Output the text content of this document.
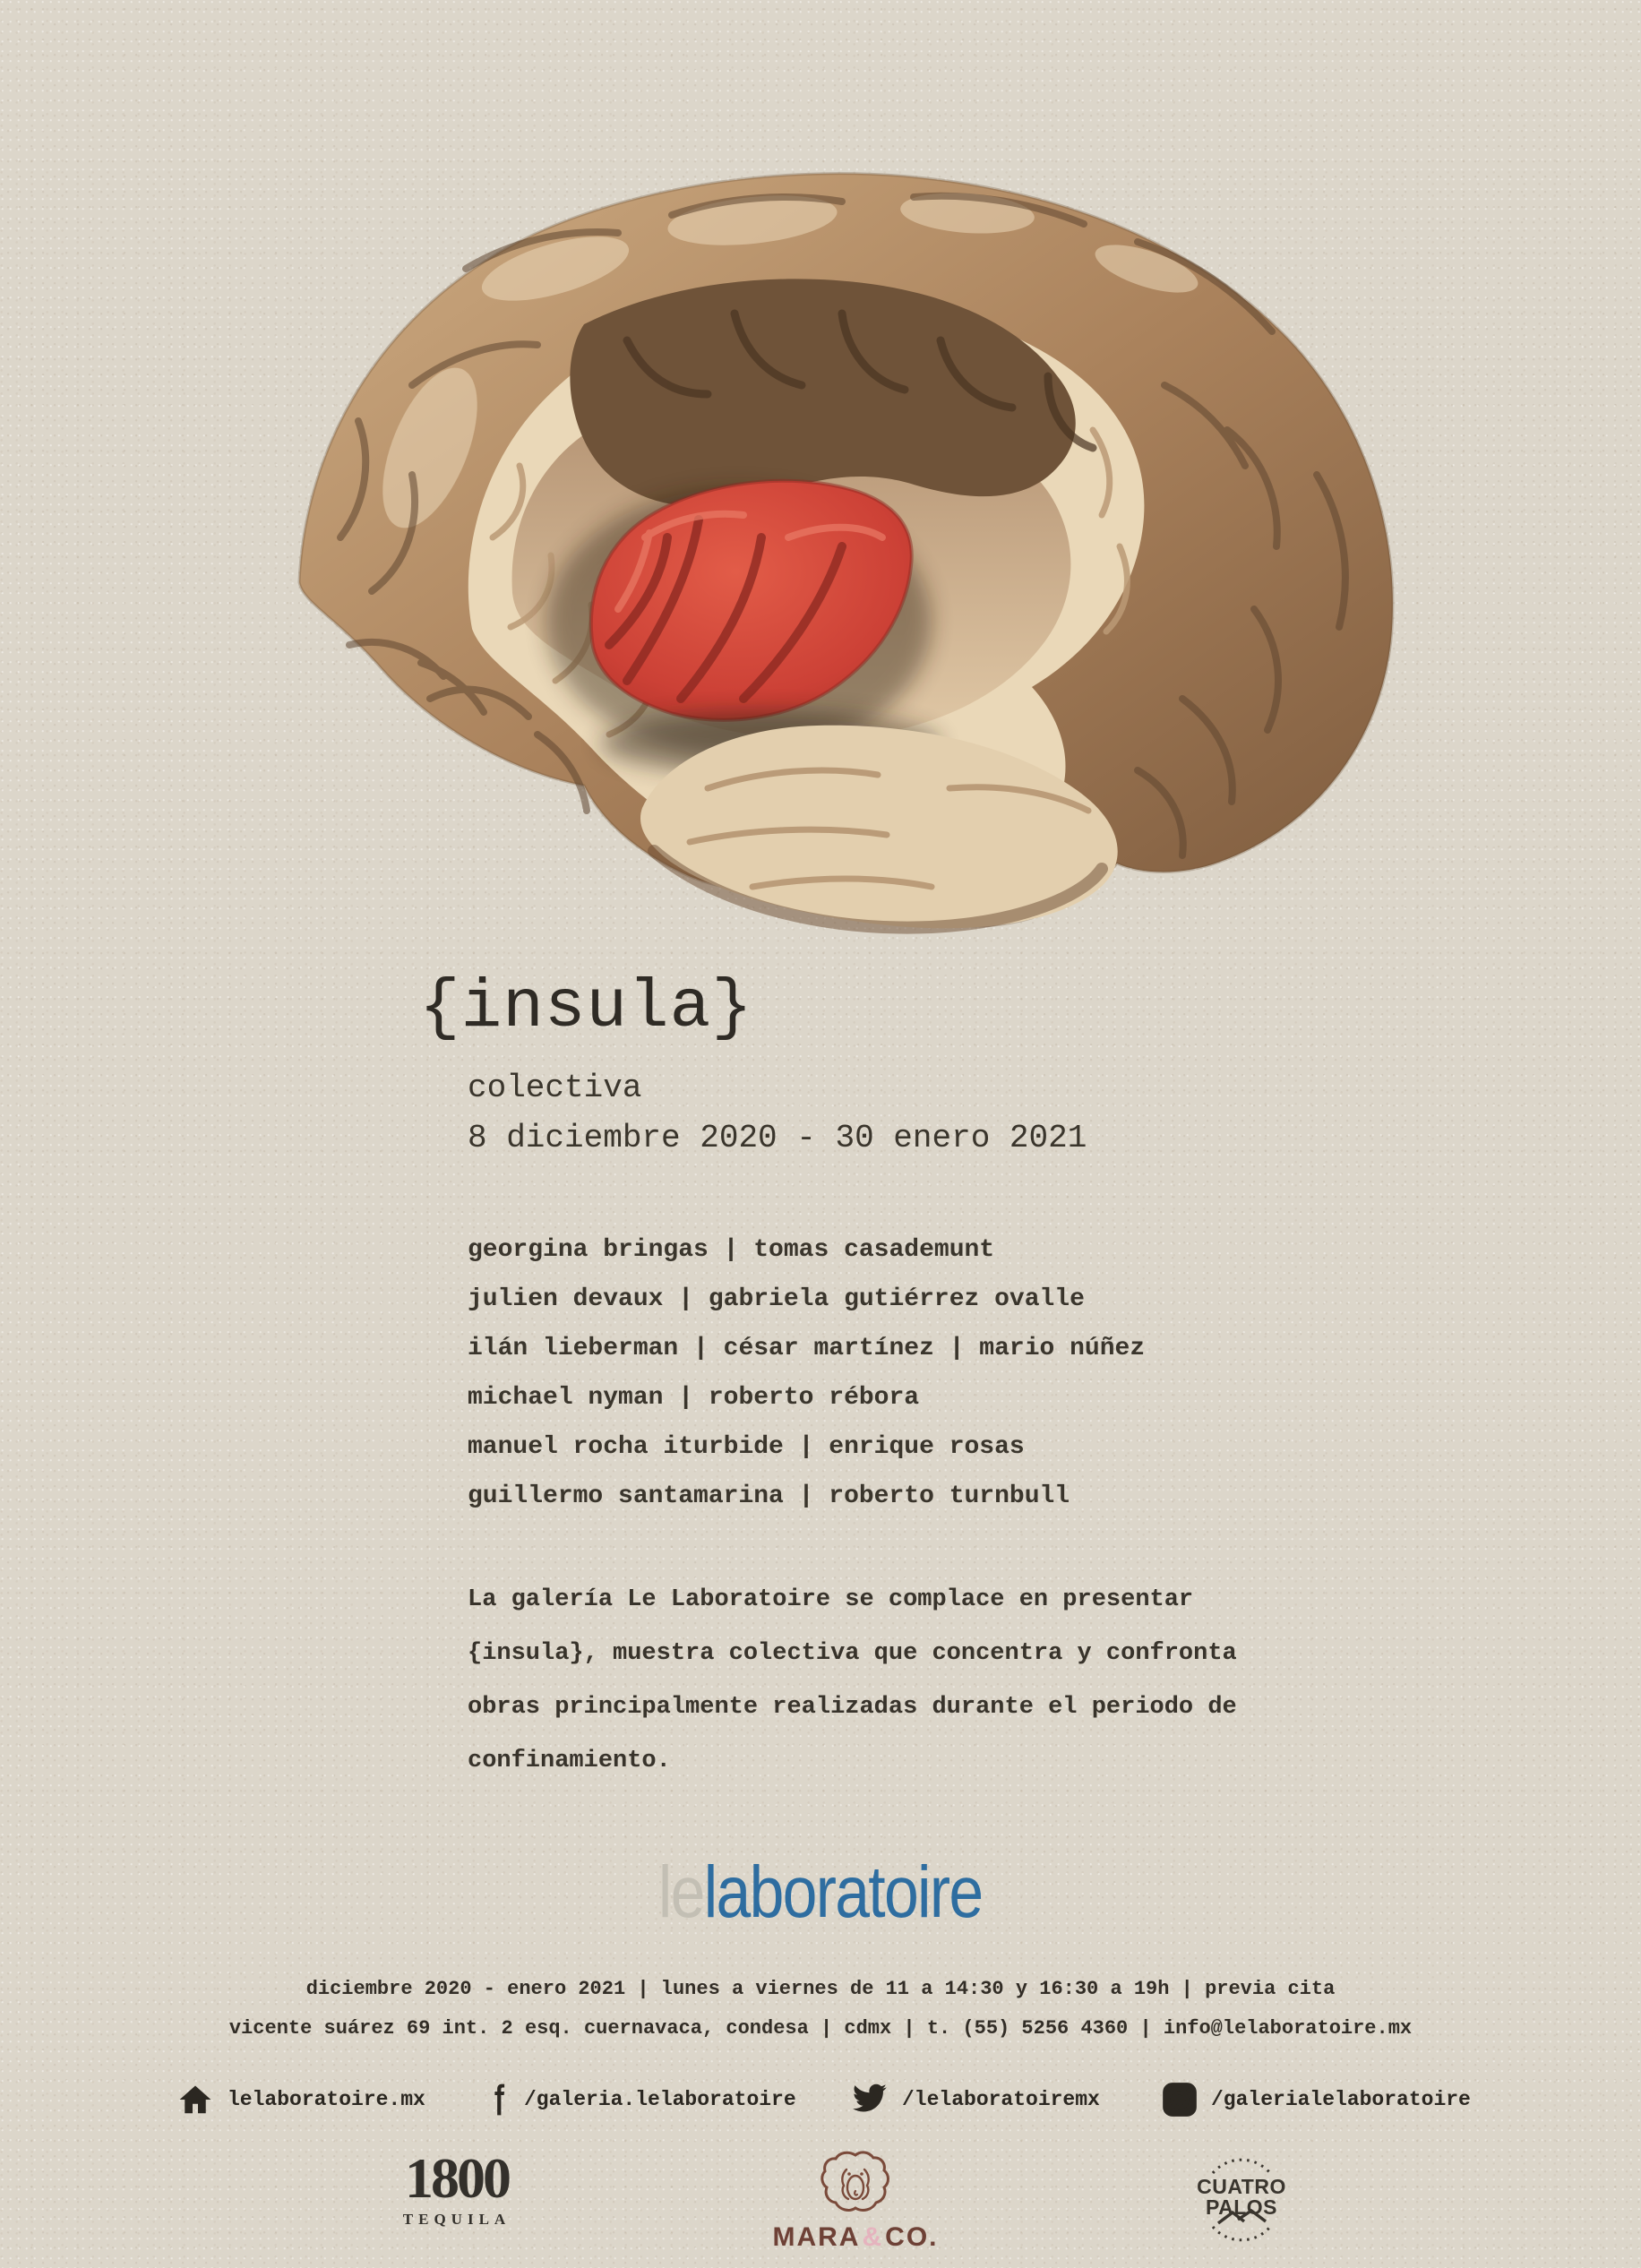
{insula}
colectiva
8 diciembre 2020 - 30 enero 2021
georgina bringas | tomas casademunt
julien devaux | gabriela gutiérrez ovalle
ilán lieberman | césar martínez | mario núñez
michael nyman | roberto rébora
manuel rocha iturbide | enrique rosas
guillermo santamarina | roberto turnbull
La galería Le Laboratoire se complace en presentar
{insula}, muestra colectiva que concentra y confronta
obras principalmente realizadas durante el periodo de
confinamiento.
lelaboratoire
diciembre 2020 - enero 2021 | lunes a viernes de 11 a 14:30 y 16:30 a 19h | previa cita
vicente suárez 69 int. 2 esq. cuernavaca, condesa | cdmx | t. (55) 5256 4360 | info@lelaboratoire.mx
lelaboratoire.mx	/galeria.lelaboratoire	/lelaboratoiremx	/galerialelaboratoire
1800
TEQUILA
MARA&CO.
CUATRO
PALOS
